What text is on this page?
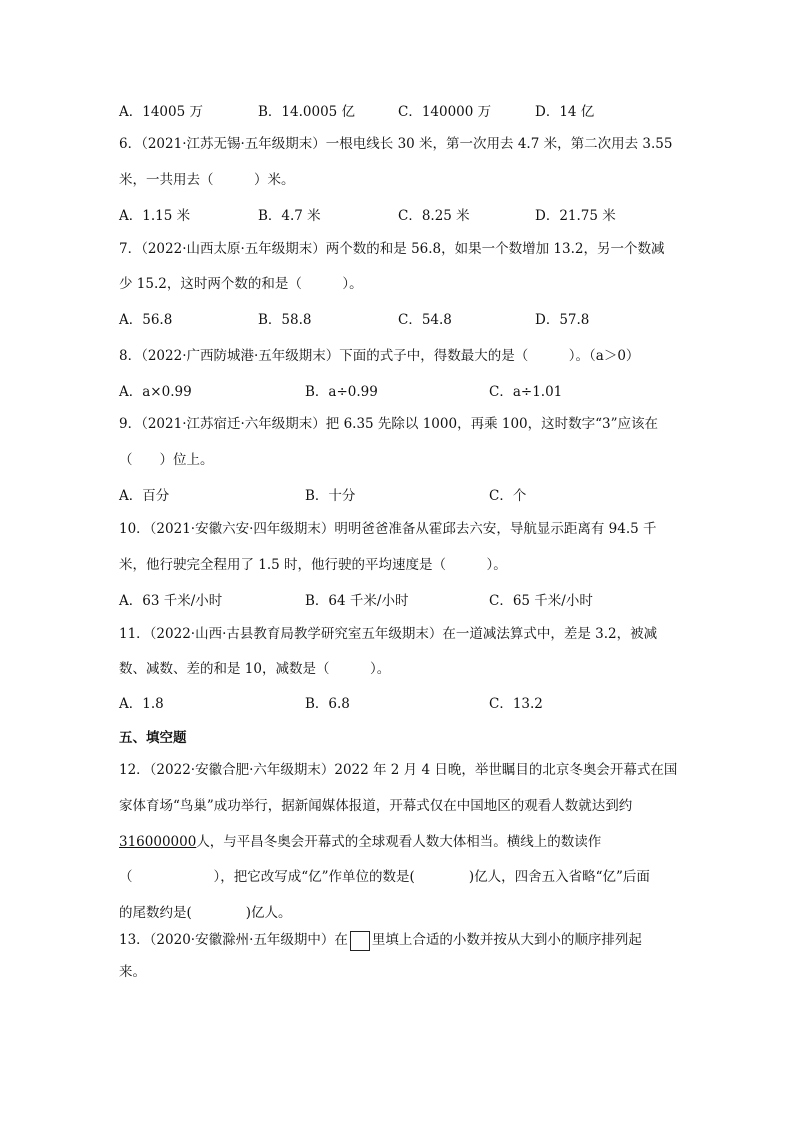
A．14005 万	B．14.0005 亿	C．140000 万	D．14 亿
6．（2021·江苏无锡·五年级期末）一根电线长 30 米，第一次用去 4.7 米，第二次用去 3.55
米，一共用去（　　　）米。
A．1.15 米	B．4.7 米	C．8.25 米	D．21.75 米
7．（2022·山西太原·五年级期末）两个数的和是 56.8，如果一个数增加 13.2，另一个数减
少 15.2，这时两个数的和是（　　　）。
A．56.8	B．58.8	C．54.8	D．57.8
8．（2022·广西防城港·五年级期末）下面的式子中，得数最大的是（　　　）。（a＞0）
A．a×0.99	B．a÷0.99	C．a÷1.01
9．（2021·江苏宿迁·六年级期末）把 6.35 先除以 1000，再乘 100，这时数字“3”应该在
（　　）位上。
A．百分	B．十分	C．个
10．（2021·安徽六安·四年级期末）明明爸爸准备从霍邱去六安，导航显示距离有 94.5 千
米，他行驶完全程用了 1.5 时，他行驶的平均速度是（　　　）。
A．63 千米/小时	B．64 千米/小时	C．65 千米/小时
11．（2022·山西·古县教育局教学研究室五年级期末）在一道减法算式中，差是 3.2，被减
数、减数、差的和是 10，减数是（　　　）。
A．1.8	B．6.8	C．13.2
五、填空题
12．（2022·安徽合肥·六年级期末）2022 年 2 月 4 日晚，举世瞩目的北京冬奥会开幕式在国
家体育场“鸟巢”成功举行，据新闻媒体报道，开幕式仅在中国地区的观看人数就达到约
316000000人，与平昌冬奥会开幕式的全球观看人数大体相当。横线上的数读作
（　　　　　　），把它改写成“亿”作单位的数是(　　　　)亿人，四舍五入省略“亿”后面
的尾数约是(　　　　)亿人。
13．（2020·安徽滁州·五年级期中）在 里填上合适的小数并按从大到小的顺序排列起
来。
